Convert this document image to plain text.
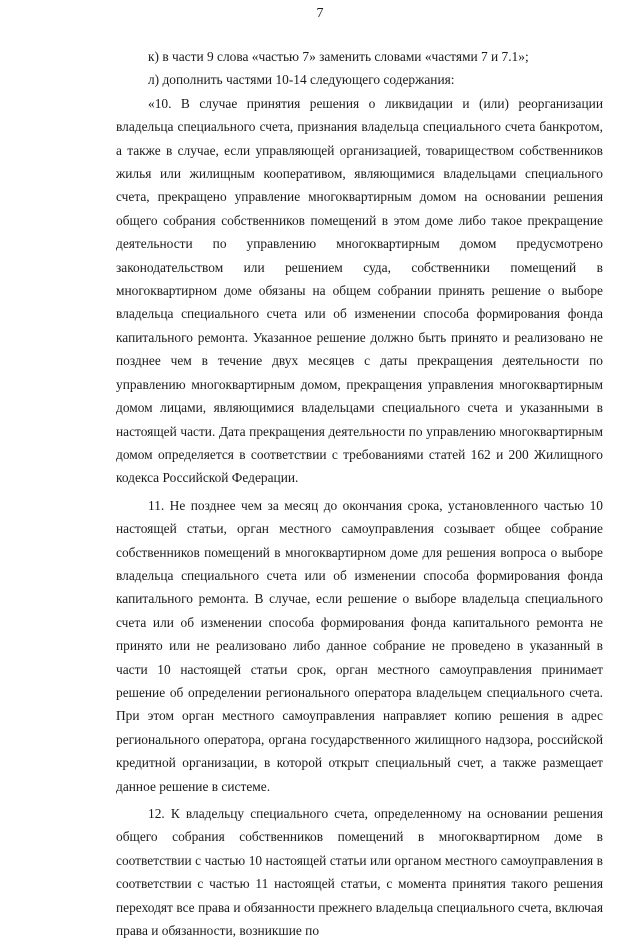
7

к) в части 9 слова «частью 7» заменить словами «частями 7 и 7.1»;

л) дополнить частями 10-14 следующего содержания:

«10. В случае принятия решения о ликвидации и (или) реорганизации владельца специального счета, признания владельца специального счета банкротом, а также в случае, если управляющей организацией, товариществом собственников жилья или жилищным кооперативом, являющимися владельцами специального счета, прекращено управление многоквартирным домом на основании решения общего собрания собственников помещений в этом доме либо такое прекращение деятельности по управлению многоквартирным домом предусмотрено законодательством или решением суда, собственники помещений в многоквартирном доме обязаны на общем собрании принять решение о выборе владельца специального счета или об изменении способа формирования фонда капитального ремонта. Указанное решение должно быть принято и реализовано не позднее чем в течение двух месяцев с даты прекращения деятельности по управлению многоквартирным домом, прекращения управления многоквартирным домом лицами, являющимися владельцами специального счета и указанными в настоящей части. Дата прекращения деятельности по управлению многоквартирным домом определяется в соответствии с требованиями статей 162 и 200 Жилищного кодекса Российской Федерации.

11. Не позднее чем за месяц до окончания срока, установленного частью 10 настоящей статьи, орган местного самоуправления созывает общее собрание собственников помещений в многоквартирном доме для решения вопроса о выборе владельца специального счета или об изменении способа формирования фонда капитального ремонта. В случае, если решение о выборе владельца специального счета или об изменении способа формирования фонда капитального ремонта не принято или не реализовано либо данное собрание не проведено в указанный в части 10 настоящей статьи срок, орган местного самоуправления принимает решение об определении регионального оператора владельцем специального счета. При этом орган местного самоуправления направляет копию решения в адрес регионального оператора, органа государственного жилищного надзора, российской кредитной организации, в которой открыт специальный счет, а также размещает данное решение в системе.

12. К владельцу специального счета, определенному на основании решения общего собрания собственников помещений в многоквартирном доме в соответствии с частью 10 настоящей статьи или органом местного самоуправления в соответствии с частью 11 настоящей статьи, с момента принятия такого решения переходят все права и обязанности прежнего владельца специального счета, включая права и обязанности, возникшие по
